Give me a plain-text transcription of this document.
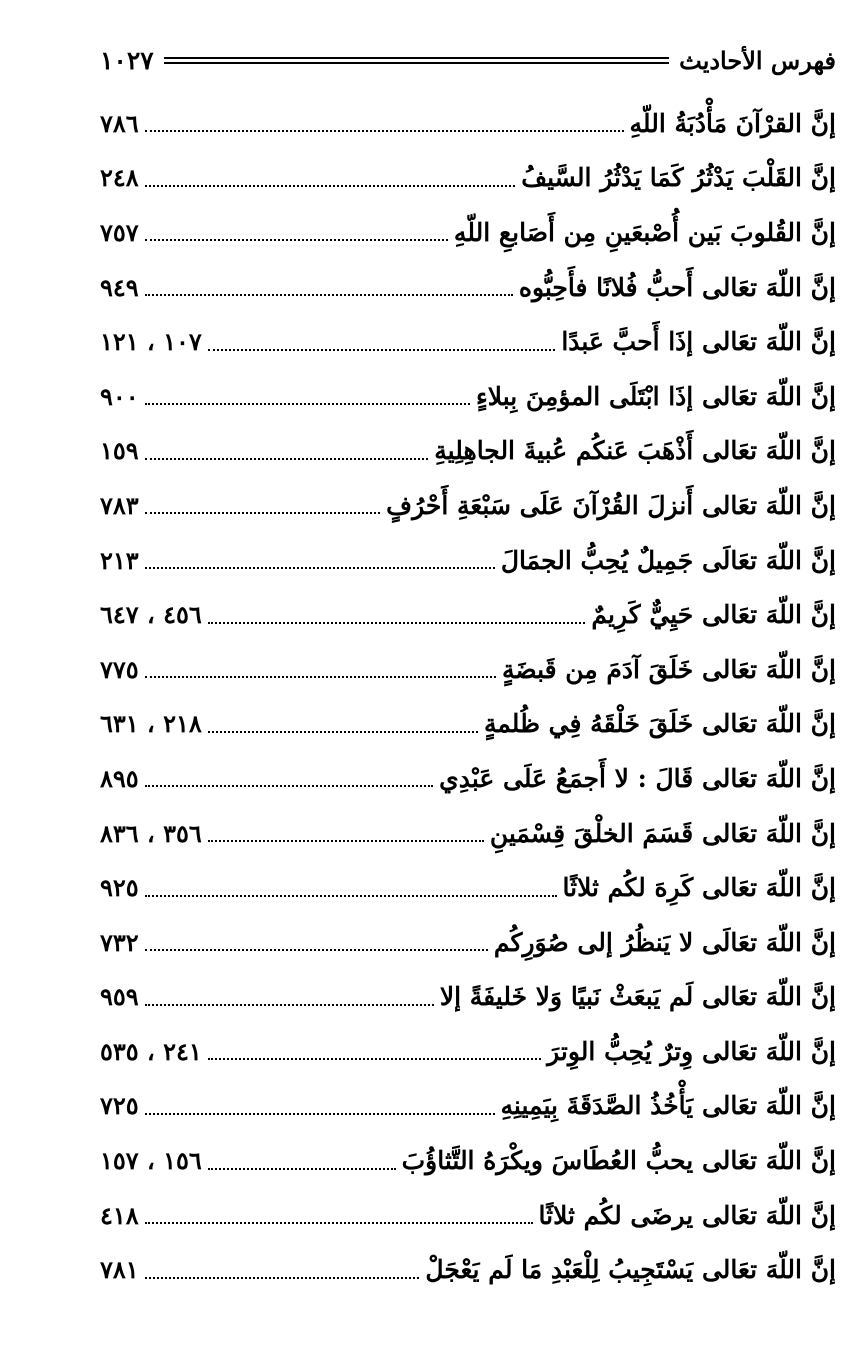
فهرس الأحاديث
١٠٢٧
إنَّ القرْآنَ مَأْدُبَةُ اللّهِ
٧٨٦
إنَّ القَلْبَ يَدْثُرُ كَمَا يَدْثُرُ السَّيفُ
٢٤٨
إنَّ القُلوبَ بَين أُصْبعَينِ مِن أَصَابعِ اللّهِ
٧٥٧
إنَّ اللّهَ تعَالى أَحبُّ فُلانًا فأَحِبُّوه
٩٤٩
إنَّ اللّهَ تعَالى إذَا أَحبَّ عَبدًا
١٠٧ ، ١٢١
إنَّ اللّهَ تعَالى إذَا ابْتَلَى المؤمِنَ بِبلاءٍ
٩٠٠
إنَّ اللّهَ تعَالى أَذْهَبَ عَنكُم عُبيةَ الجاهِلِيةِ
١٥٩
إنَّ اللّهَ تعَالى أَنزلَ القُرْآنَ عَلَى سَبْعَةِ أَحْرُفٍ
٧٨٣
إنَّ اللّهَ تعَالَى جَمِيلٌ يُحِبُّ الجمَالَ
٢١٣
إنَّ اللّهَ تعَالى حَيِيٌّ كَرِيمٌ
٤٥٦ ، ٦٤٧
إنَّ اللّهَ تعَالى خَلَقَ آدَمَ مِن قَبضَةٍ
٧٧٥
إنَّ اللّهَ تعَالى خَلَقَ خَلْقَهُ فِي ظُلمةٍ
٢١٨ ، ٦٣١
إنَّ اللّهَ تعَالى قَالَ : لا أَجمَعُ عَلَى عَبْدِي
٨٩٥
إنَّ اللّهَ تعَالى قَسَمَ الخلْقَ قِسْمَينِ
٣٥٦ ، ٨٣٦
إنَّ اللّهَ تعَالى كَرِهَ لكُم ثلاثًا
٩٢٥
إنَّ اللّهَ تعَالَى لا يَنظُرُ إلى صُوَرِكُم
٧٣٢
إنَّ اللّهَ تعَالى لَم يَبعَثْ نَبيًا وَلا خَليفَةً إلا
٩٥٩
إنَّ اللّهَ تعَالى وِترٌ يُحِبُّ الوِترَ
٢٤١ ، ٥٣٥
إنَّ اللّهَ تعَالى يَأْخُذُ الصَّدَقَةَ بِيَمِينِهِ
٧٢٥
إنَّ اللّهَ تعَالى يحبُّ العُطَاسَ ويكْرَهُ التَّثاؤُبَ
١٥٦ ، ١٥٧
إنَّ اللّهَ تعَالى يرضَى لكُم ثلاثًا
٤١٨
إنَّ اللّهَ تعَالى يَسْتَجِيبُ لِلْعَبْدِ مَا لَم يَعْجَلْ
٧٨١
